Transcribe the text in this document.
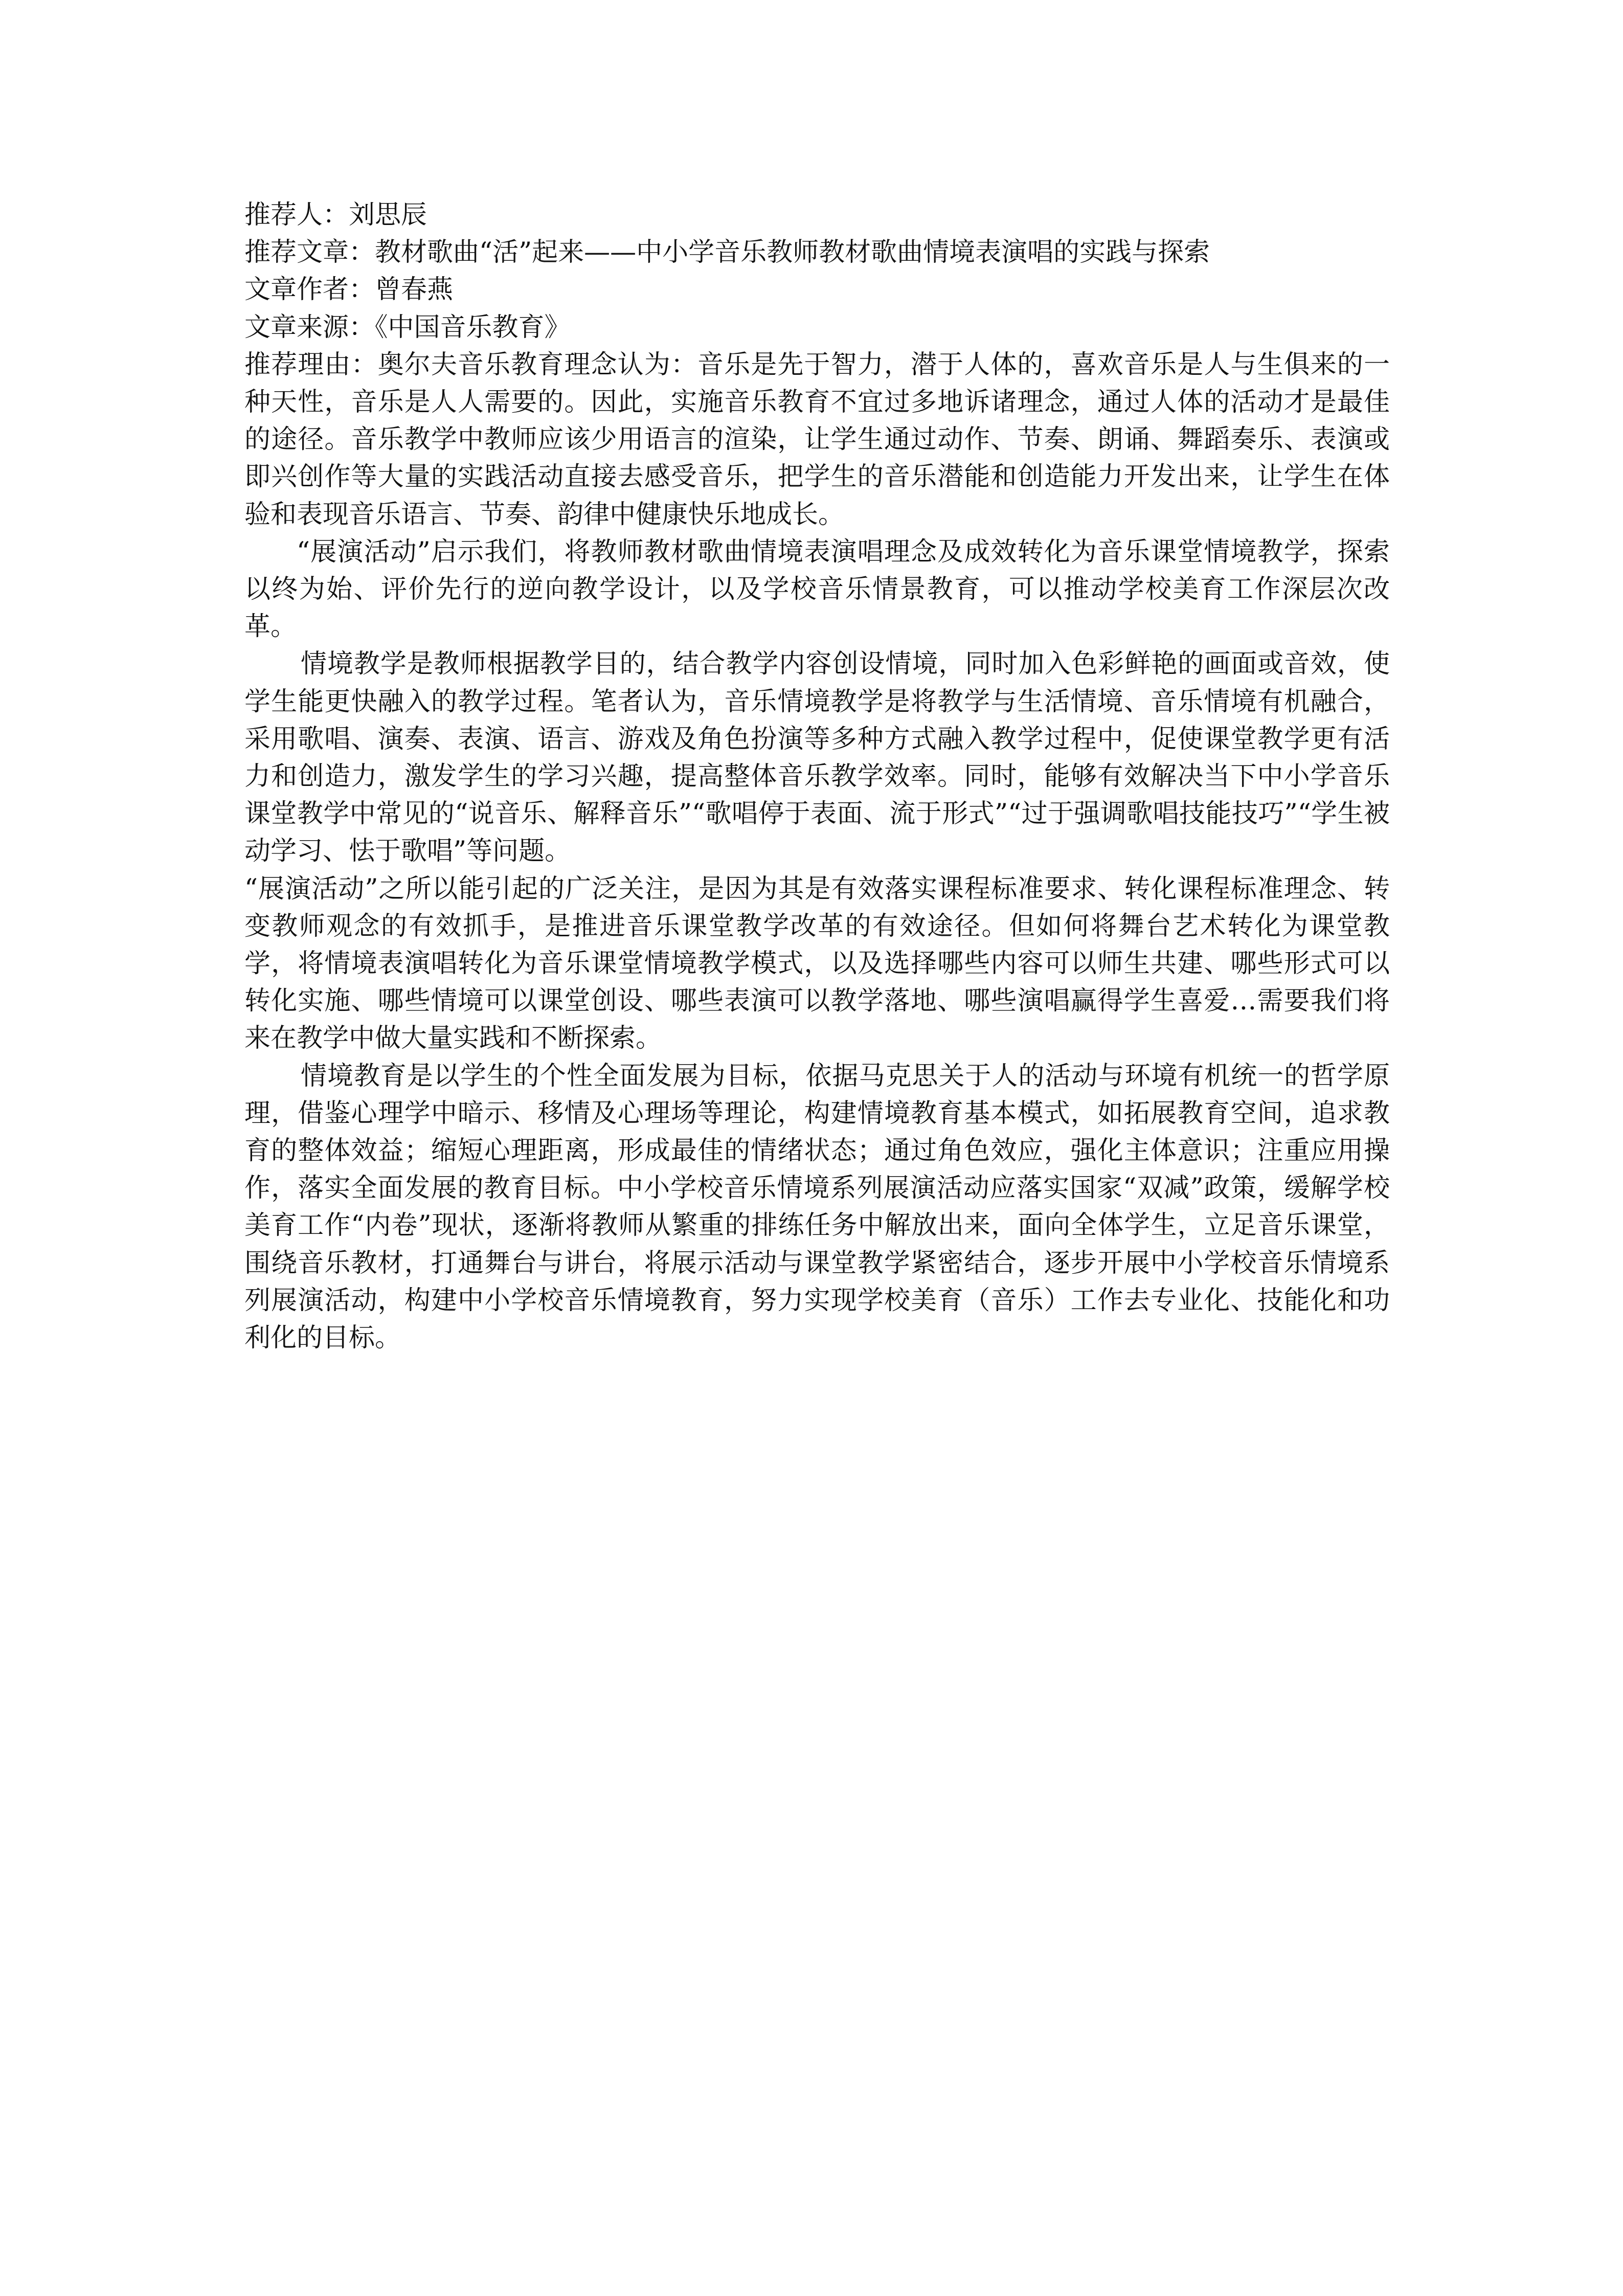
推荐人：刘思辰

推荐文章：教材歌曲“活”起来——中小学音乐教师教材歌曲情境表演唱的实践与探索

文章作者：曾春燕

文章来源：《中国音乐教育》

推荐理由：奥尔夫音乐教育理念认为：音乐是先于智力，潜于人体的，喜欢音乐是人与生俱来的一种天性，音乐是人人需要的。因此，实施音乐教育不宜过多地诉诸理念，通过人体的活动才是最佳的途径。音乐教学中教师应该少用语言的渲染，让学生通过动作、节奏、朗诵、舞蹈奏乐、表演或即兴创作等大量的实践活动直接去感受音乐，把学生的音乐潜能和创造能力开发出来，让学生在体验和表现音乐语言、节奏、韵律中健康快乐地成长。

“展演活动”启示我们，将教师教材歌曲情境表演唱理念及成效转化为音乐课堂情境教学，探索以终为始、评价先行的逆向教学设计，以及学校音乐情景教育，可以推动学校美育工作深层次改革。

情境教学是教师根据教学目的，结合教学内容创设情境，同时加入色彩鲜艳的画面或音效，使学生能更快融入的教学过程。笔者认为，音乐情境教学是将教学与生活情境、音乐情境有机融合，采用歌唱、演奏、表演、语言、游戏及角色扮演等多种方式融入教学过程中，促使课堂教学更有活力和创造力，激发学生的学习兴趣，提高整体音乐教学效率。同时，能够有效解决当下中小学音乐课堂教学中常见的“说音乐、解释音乐”“歌唱停于表面、流于形式”“过于强调歌唱技能技巧”“学生被动学习、怯于歌唱”等问题。

“展演活动”之所以能引起的广泛关注，是因为其是有效落实课程标准要求、转化课程标准理念、转变教师观念的有效抓手，是推进音乐课堂教学改革的有效途径。但如何将舞台艺术转化为课堂教学，将情境表演唱转化为音乐课堂情境教学模式，以及选择哪些内容可以师生共建、哪些形式可以转化实施、哪些情境可以课堂创设、哪些表演可以教学落地、哪些演唱赢得学生喜爱…需要我们将来在教学中做大量实践和不断探索。

情境教育是以学生的个性全面发展为目标，依据马克思关于人的活动与环境有机统一的哲学原理，借鉴心理学中暗示、移情及心理场等理论，构建情境教育基本模式，如拓展教育空间，追求教育的整体效益；缩短心理距离，形成最佳的情绪状态；通过角色效应，强化主体意识；注重应用操作，落实全面发展的教育目标。中小学校音乐情境系列展演活动应落实国家“双减”政策，缓解学校美育工作“内卷”现状，逐渐将教师从繁重的排练任务中解放出来，面向全体学生，立足音乐课堂，围绕音乐教材，打通舞台与讲台，将展示活动与课堂教学紧密结合，逐步开展中小学校音乐情境系列展演活动，构建中小学校音乐情境教育，努力实现学校美育（音乐）工作去专业化、技能化和功利化的目标。
